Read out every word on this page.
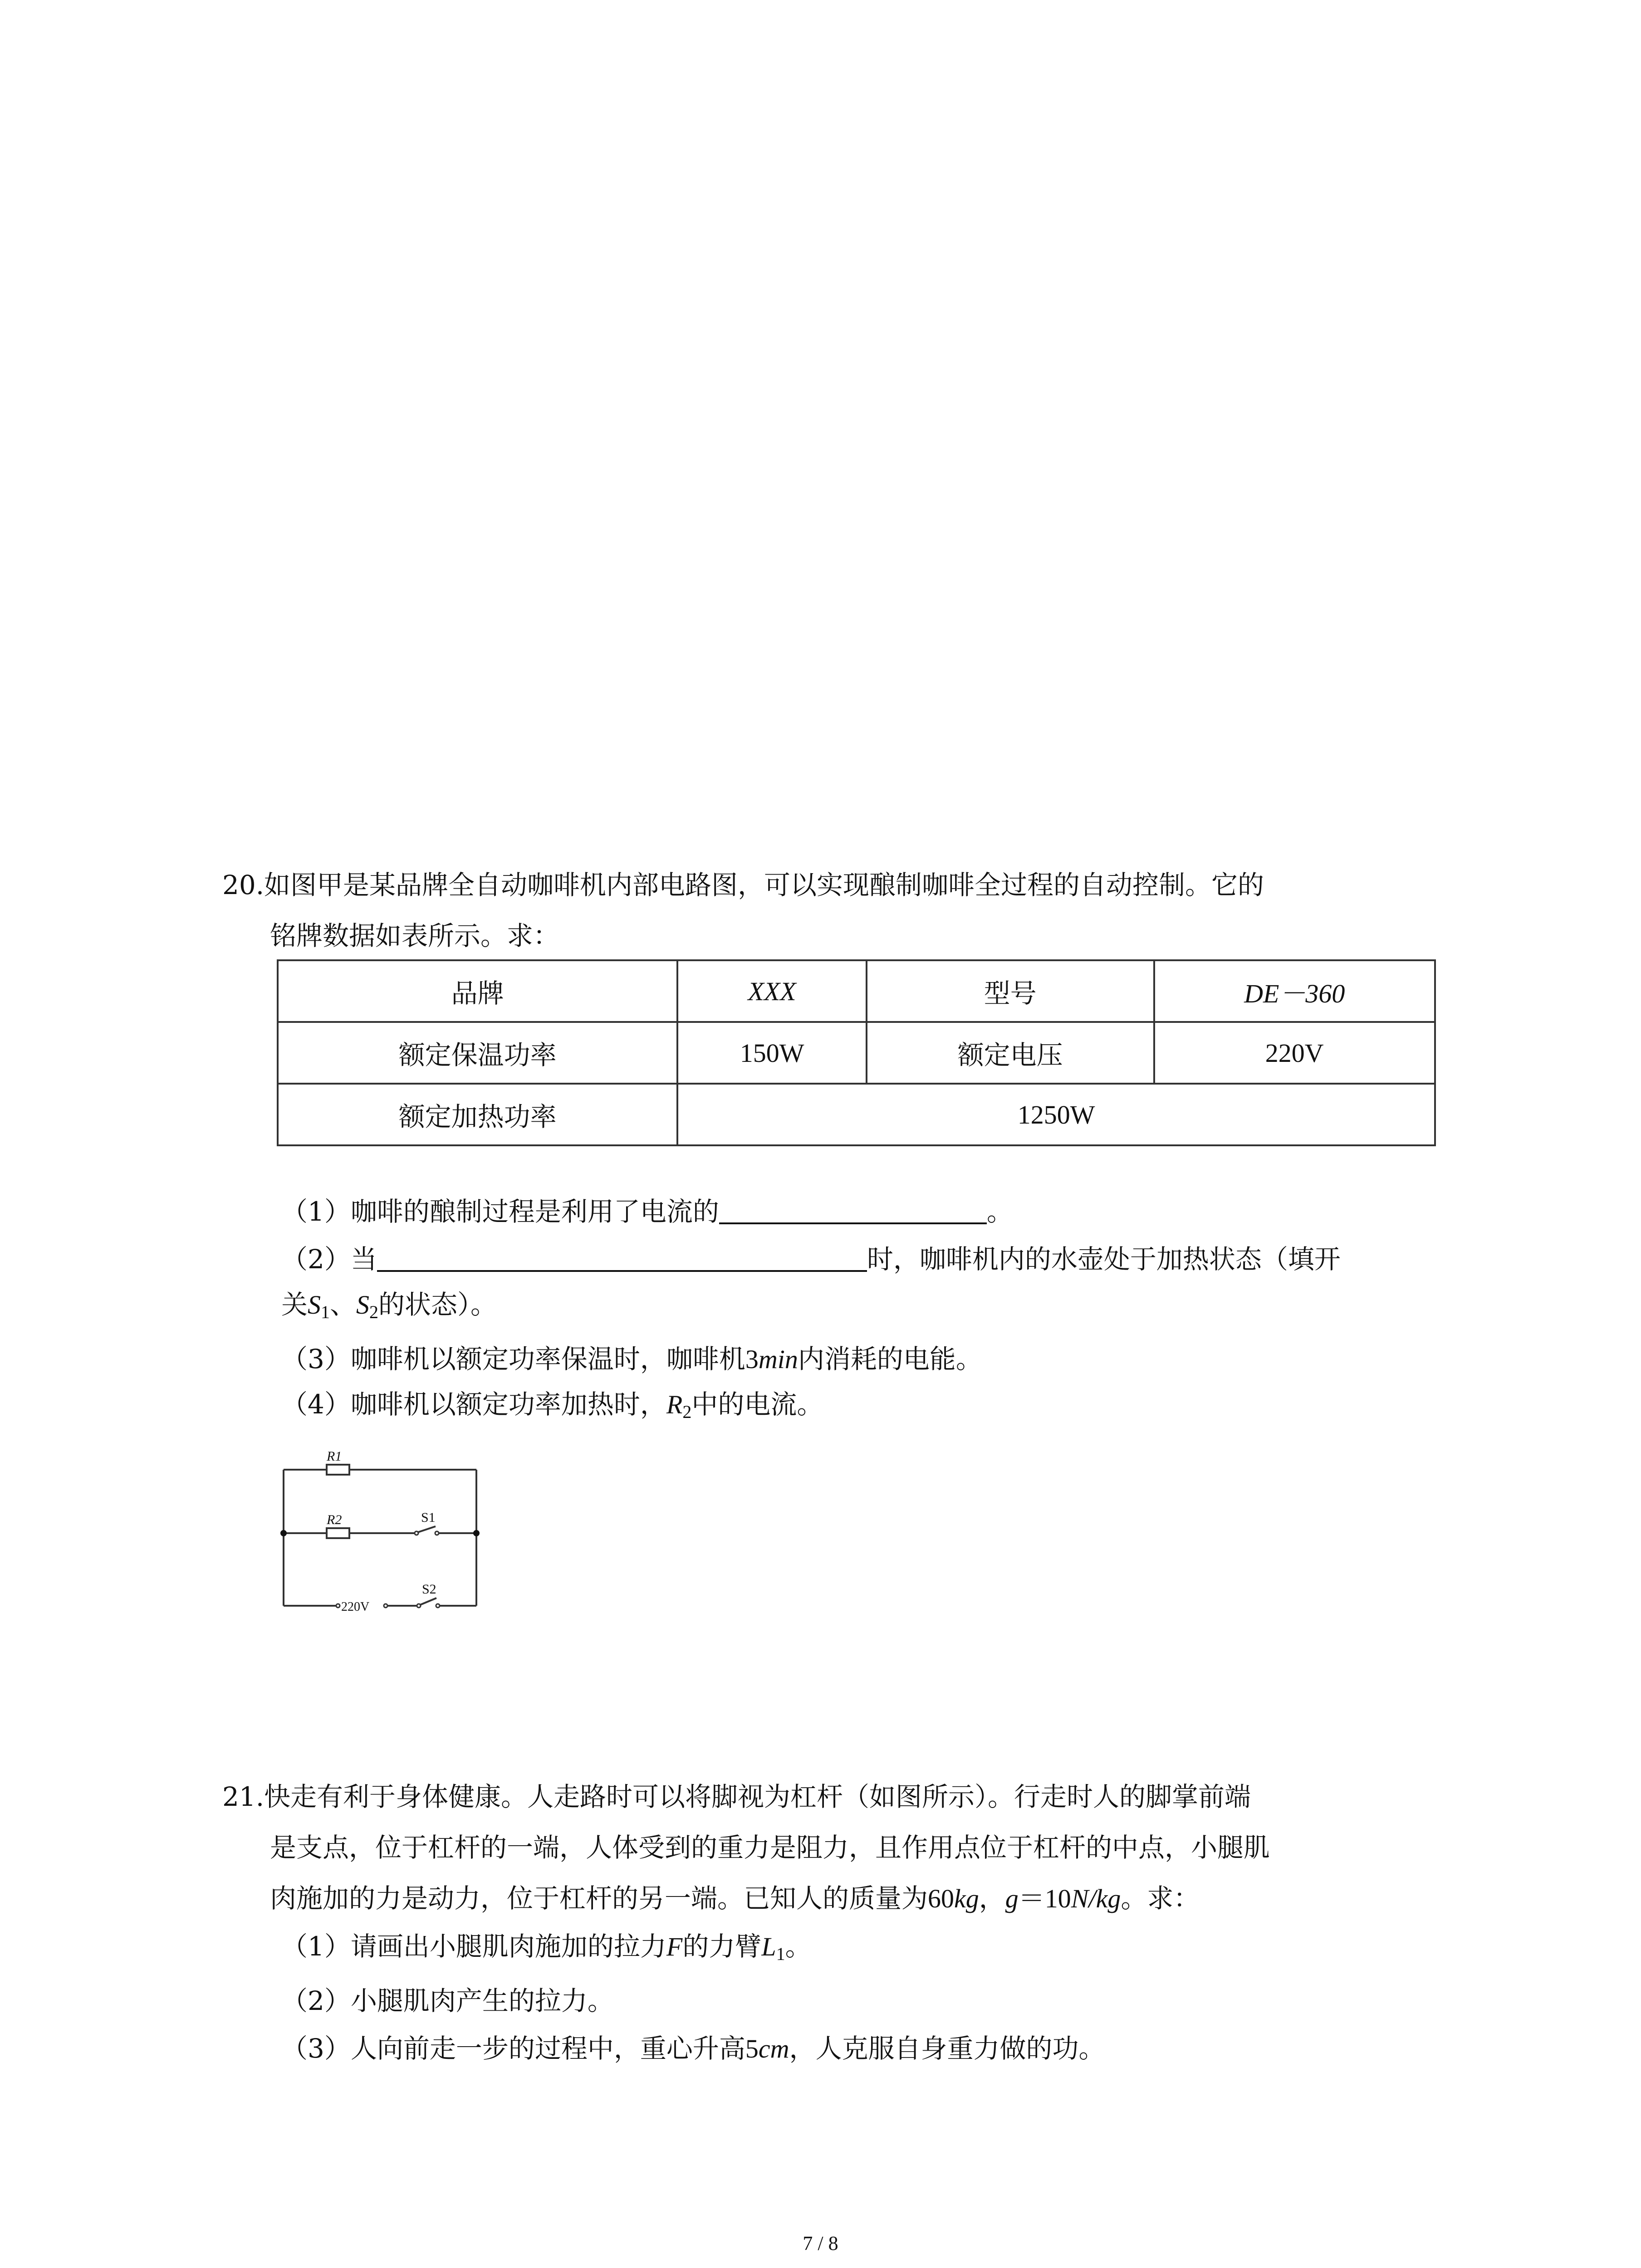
20.如图甲是某品牌全自动咖啡机内部电路图，可以实现酿制咖啡全过程的自动控制。它的
铭牌数据如表所示。求：
品牌	XXX	型号	DE－360
额定保温功率	150W	额定电压	220V
额定加热功率	1250W		
（1）咖啡的酿制过程是利用了电流的	。
（2）当	时，咖啡机内的水壶处于加热状态（填开
关$S_1$、$S_2$的状态）。
（3）咖啡机以额定功率保温时，咖啡机3min内消耗的电能。
（4）咖啡机以额定功率加热时，$R_2$中的电流。
R1
R2	S1
S2
220V
21.快走有利于身体健康。人走路时可以将脚视为杠杆（如图所示）。行走时人的脚掌前端
是支点，位于杠杆的一端，人体受到的重力是阻力，且作用点位于杠杆的中点，小腿肌
肉施加的力是动力，位于杠杆的另一端。已知人的质量为60kg，g＝10N/kg。求：
（1）请画出小腿肌肉施加的拉力F的力臂$L_1$。
（2）小腿肌肉产生的拉力。
（3）人向前走一步的过程中，重心升高5cm，人克服自身重力做的功。
7 / 8
